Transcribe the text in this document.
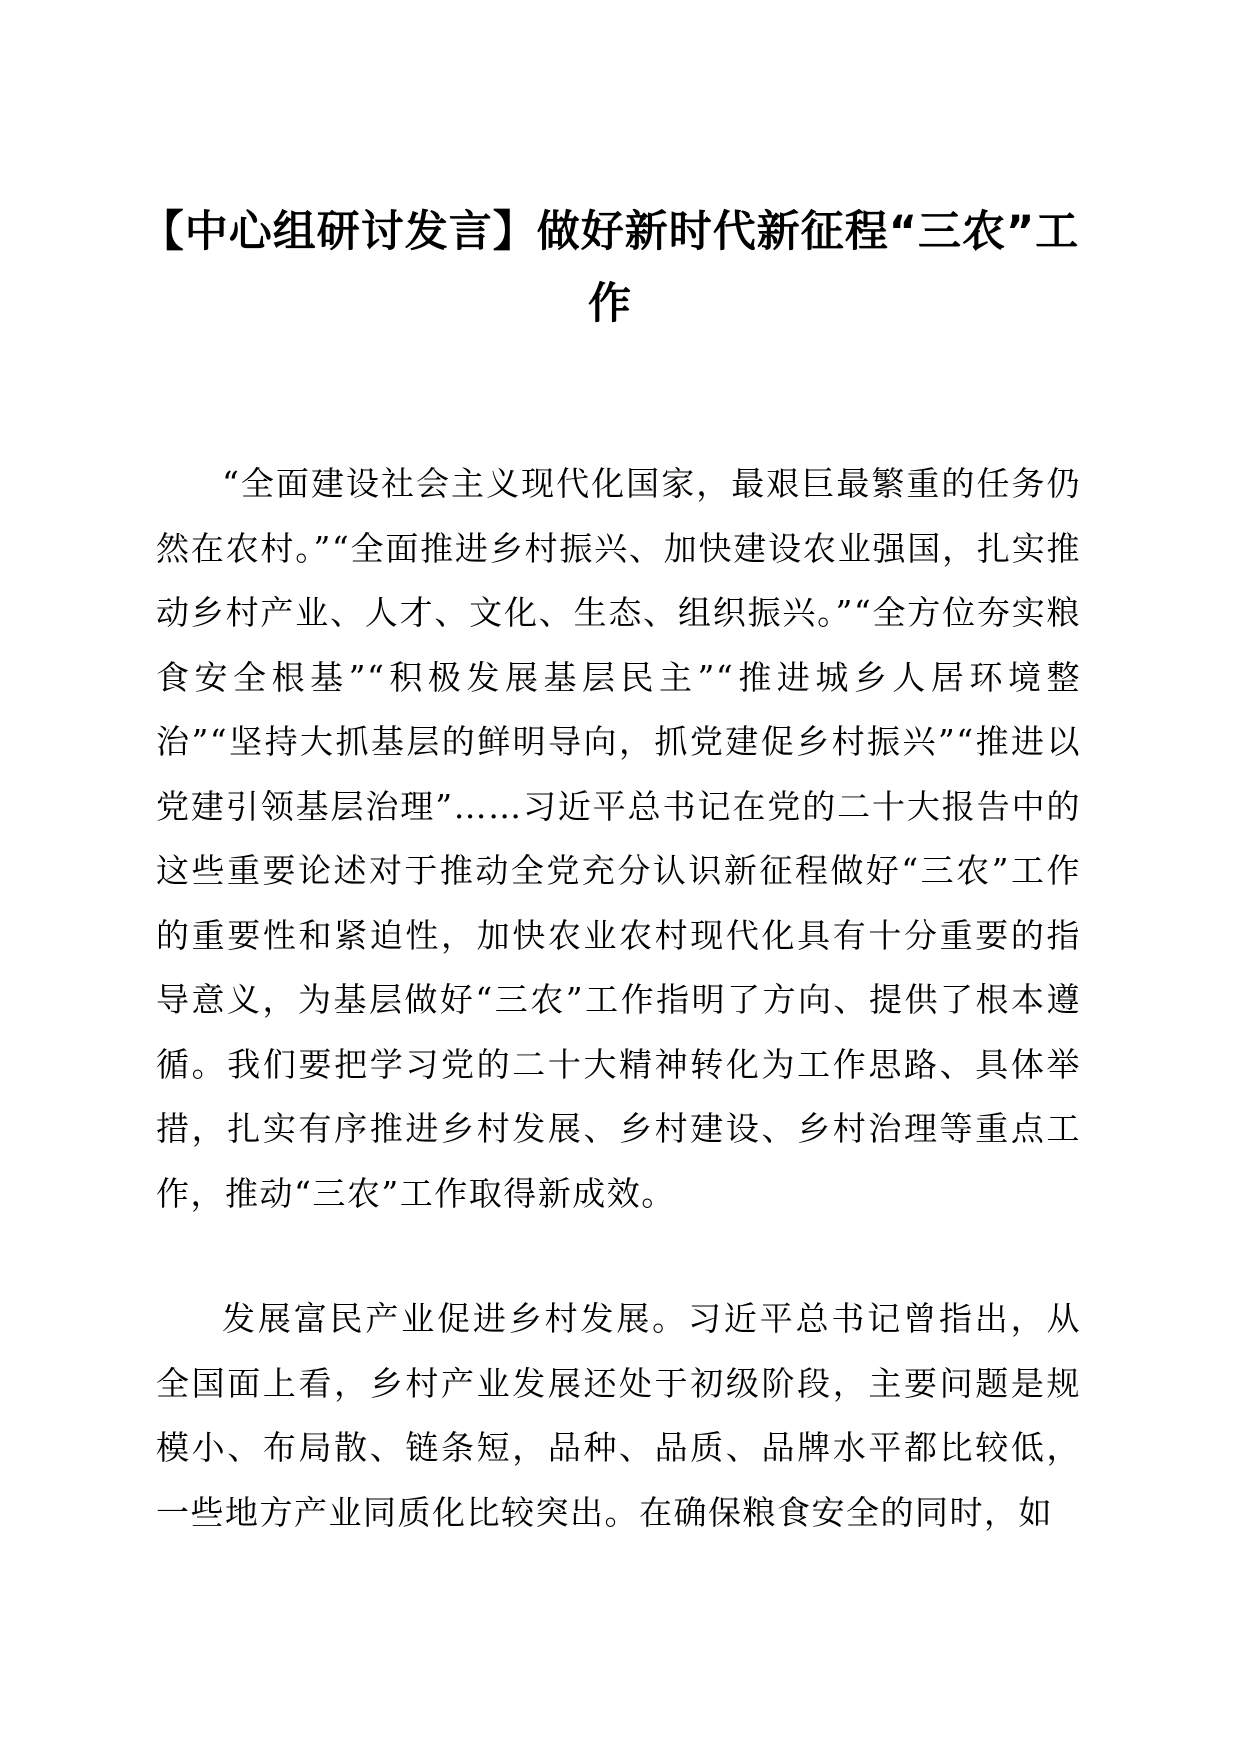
【中心组研讨发言】做好新时代新征程“三农”工作

“全面建设社会主义现代化国家，最艰巨最繁重的任务仍然在农村。”“全面推进乡村振兴、加快建设农业强国，扎实推动乡村产业、人才、文化、生态、组织振兴。”“全方位夯实粮食安全根基”“积极发展基层民主”“推进城乡人居环境整治”“坚持大抓基层的鲜明导向，抓党建促乡村振兴”“推进以党建引领基层治理”……习近平总书记在党的二十大报告中的这些重要论述对于推动全党充分认识新征程做好“三农”工作的重要性和紧迫性，加快农业农村现代化具有十分重要的指导意义，为基层做好“三农”工作指明了方向、提供了根本遵循。我们要把学习党的二十大精神转化为工作思路、具体举措，扎实有序推进乡村发展、乡村建设、乡村治理等重点工作，推动“三农”工作取得新成效。

发展富民产业促进乡村发展。习近平总书记曾指出，从全国面上看，乡村产业发展还处于初级阶段，主要问题是规模小、布局散、链条短，品种、品质、品牌水平都比较低，一些地方产业同质化比较突出。在确保粮食安全的同时，如
